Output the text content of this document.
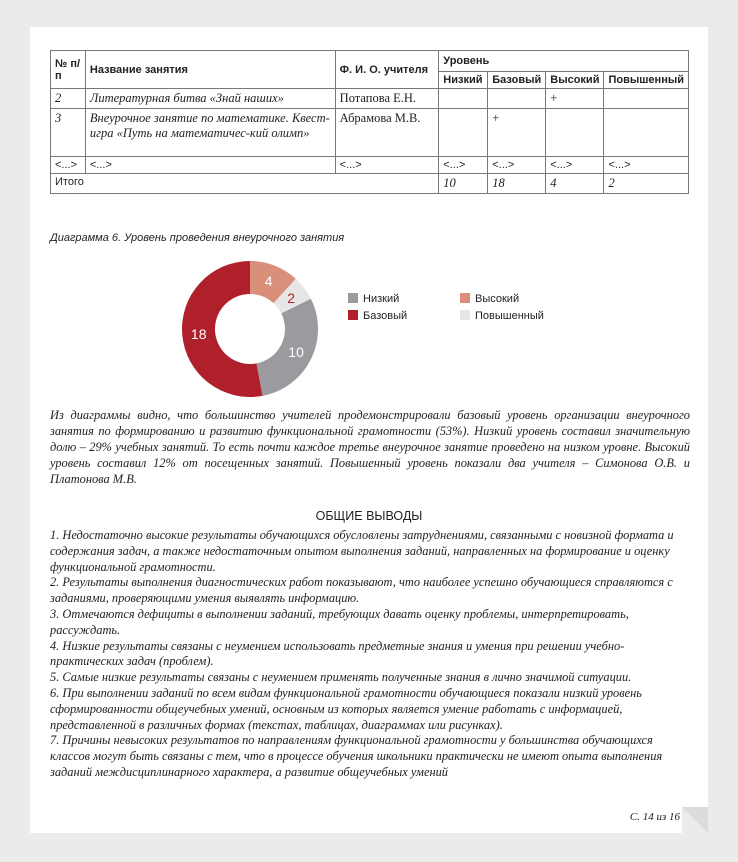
№ п/п	Название занятия	Ф. И. О. учителя	Уровень			
			Низкий	Базовый	Высокий	Повышенный
2	Литературная битва «Знай наших»	Потапова Е.Н.			+	
3	Внеурочное занятие по математике. Квест-игра «Путь на математичес-кий олимп»	Абрамова М.В.		+		
<...>	<...>	<...>	<...>	<...>	<...>	<...>
Итого			10	18	4	2
Диаграмма 6. Уровень проведения внеурочного занятия
4
2
10
18
Низкий	Высокий
Базовый	Повышенный

Из диаграммы видно, что большинство учителей продемонстрировали базовый уровень организации внеурочного занятия по формированию и развитию функциональной грамотности (53%). Низкий уровень составил значительную долю – 29% учебных занятий. То есть почти каждое третье внеурочное занятие проведено на низком уровне. Высокий уровень составил 12% от посещенных занятий. Повышенный уровень показали два учителя – Симонова О.В. и Платонова М.В.

ОБЩИЕ ВЫВОДЫ
1. Недостаточно высокие результаты обучающихся обусловлены затруднениями, связанными с новизной формата и содержания задач, а также недостаточным опытом выполнения заданий, направленных на формирование и оценку функциональной грамотности.
2. Результаты выполнения диагностических работ показывают, что наиболее успешно обучающиеся справляются с заданиями, проверяющими умения выявлять информацию.
3. Отмечаются дефициты в выполнении заданий, требующих давать оценку проблемы, интерпретировать, рассуждать.
4. Низкие результаты связаны с неумением использовать предметные знания и умения при решении учебно-практических задач (проблем).
5. Самые низкие результаты связаны с неумением применять полученные знания в лично значимой ситуации.
6. При выполнении заданий по всем видам функциональной грамотности обучающиеся показали низкий уровень сформированности общеучебных умений, основным из которых является умение работать с информацией, представленной в различных формах (текстах, таблицах, диаграммах или рисунках).
7. Причины невысоких результатов по направлениям функциональной грамотности у большинства обучающихся классов могут быть связаны с тем, что в процессе обучения школьники практически не имеют опыта выполнения заданий междисциплинарного характера, а развитие общеучебных умений
С. 14 из 16
